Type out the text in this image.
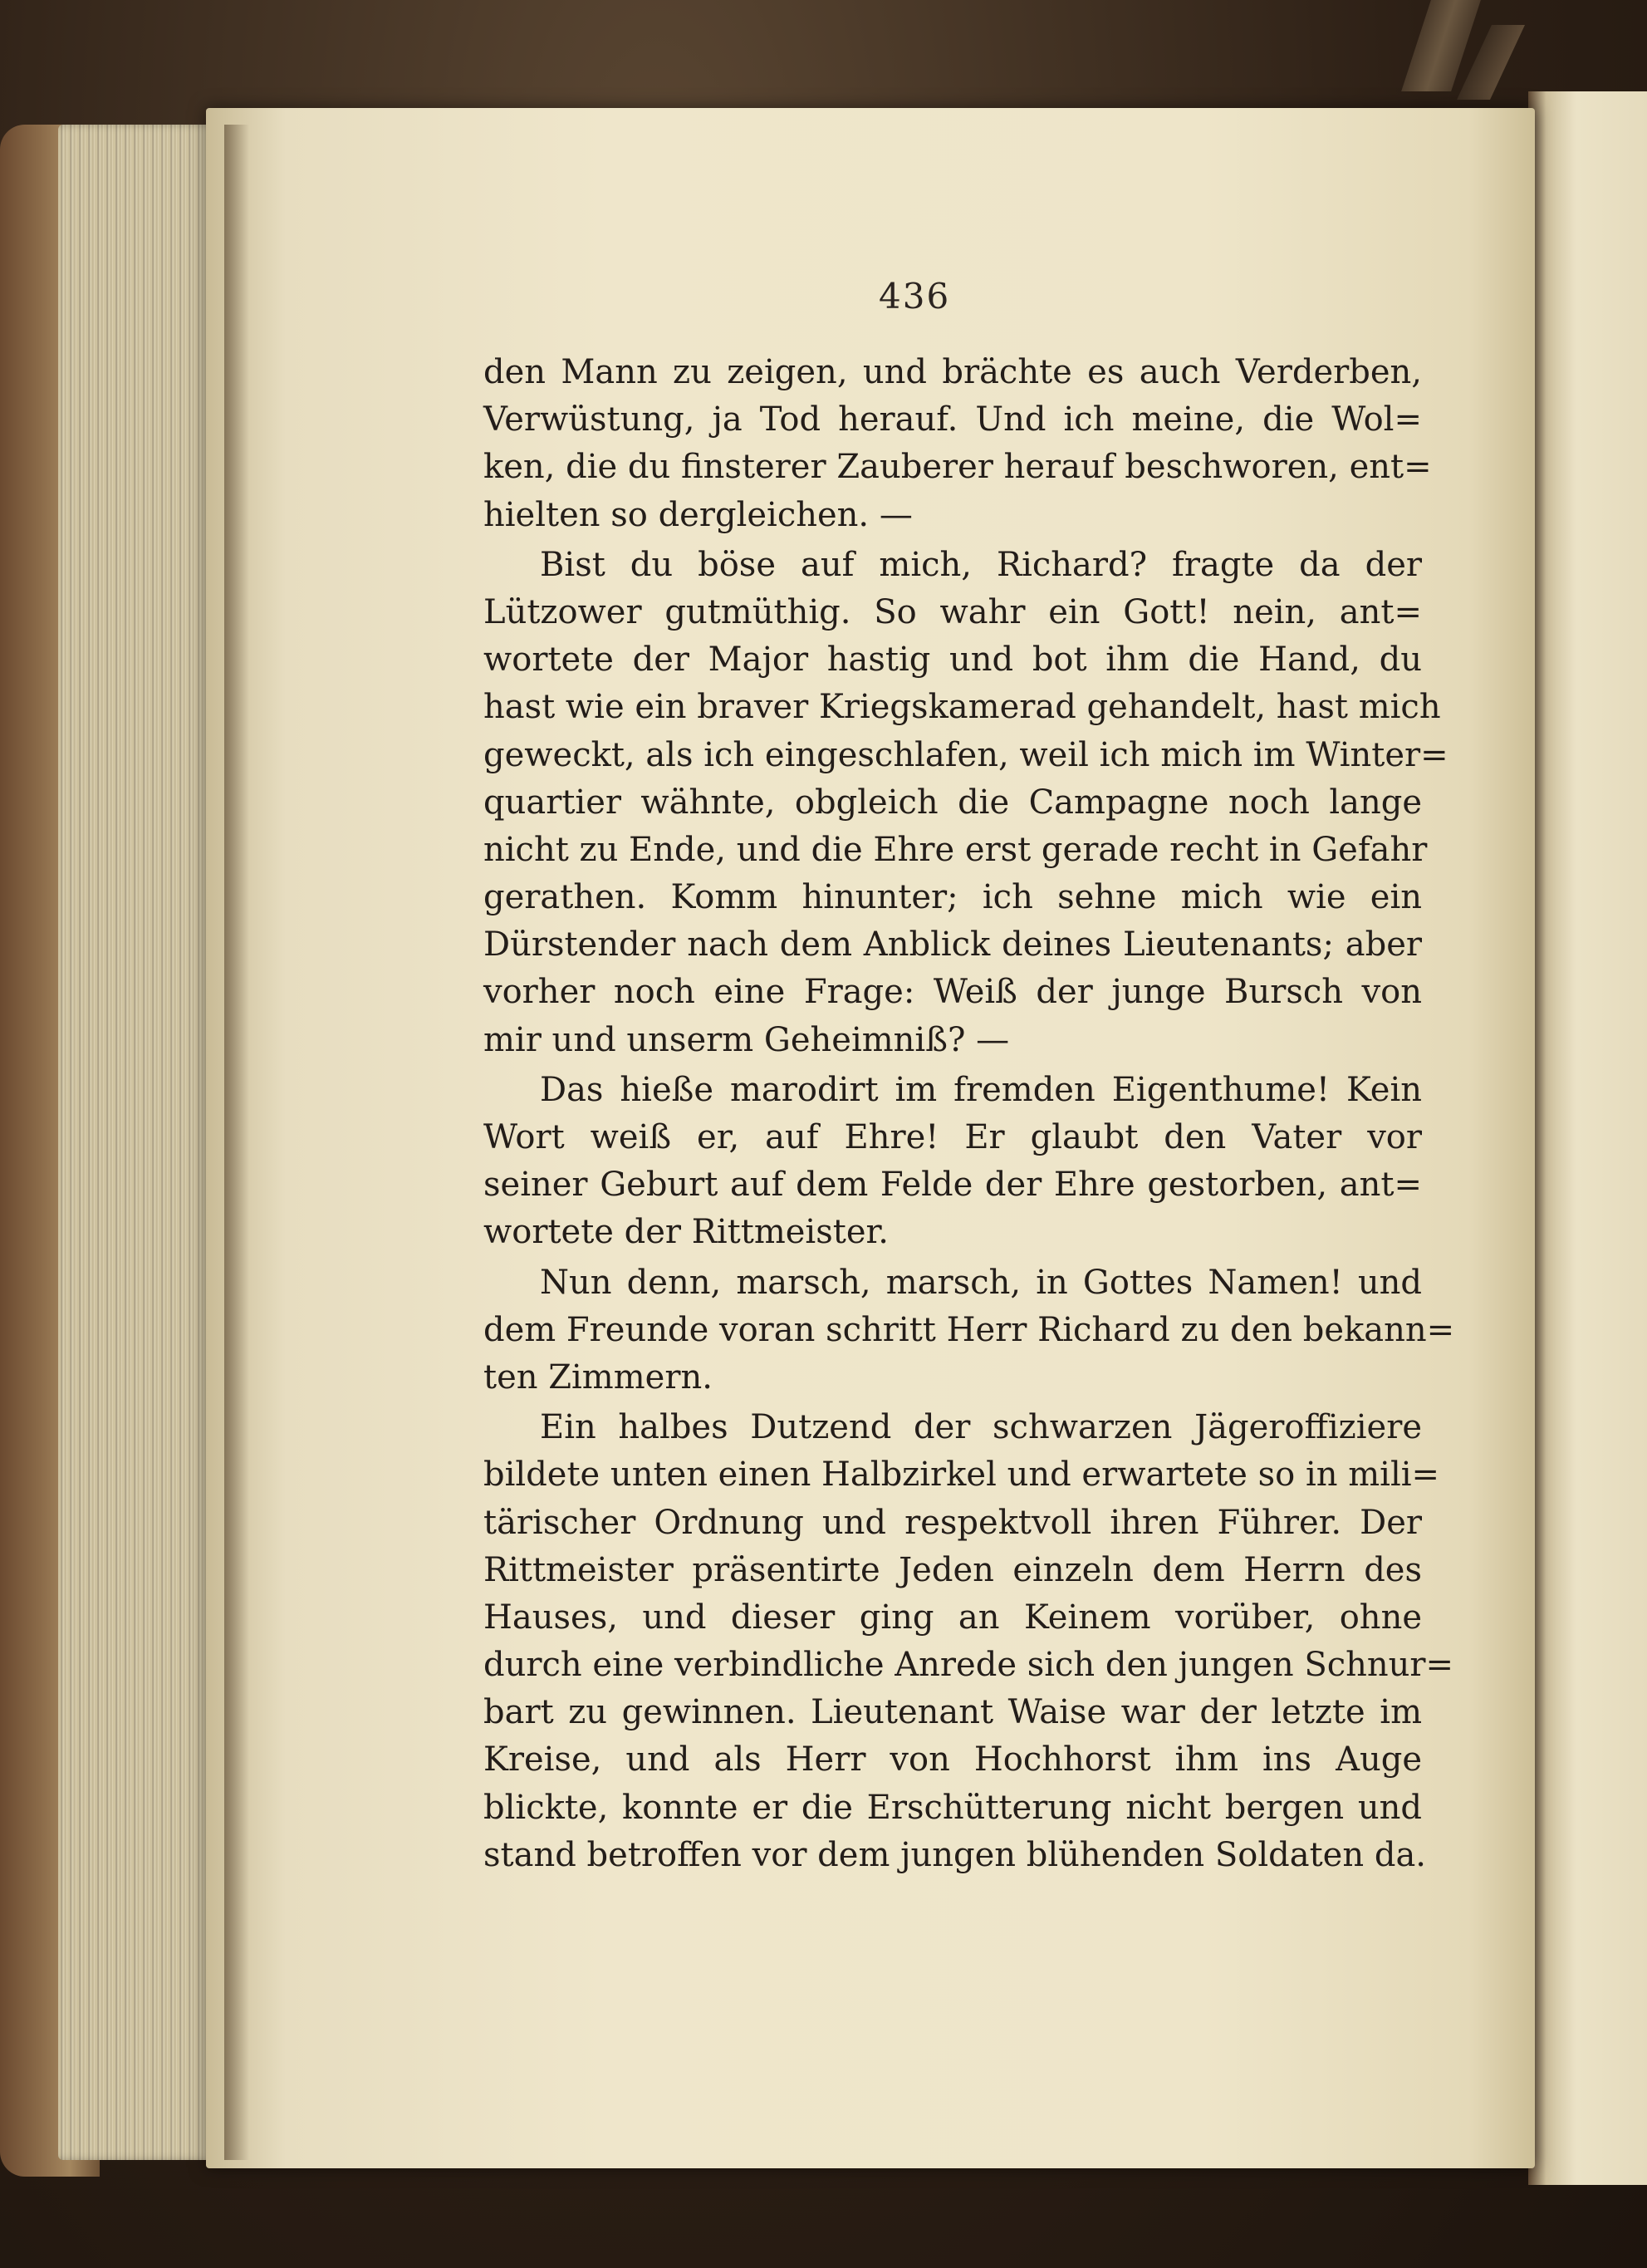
436
den Mann zu zeigen, und brächte es auch Verderben,
Verwüstung, ja Tod herauf. Und ich meine, die Wol=
ken, die du finsterer Zauberer herauf beschworen, ent=
hielten so dergleichen. —
Bist du böse auf mich, Richard? fragte da der
Lützower gutmüthig. So wahr ein Gott! nein, ant=
wortete der Major hastig und bot ihm die Hand, du
hast wie ein braver Kriegskamerad gehandelt, hast mich
geweckt, als ich eingeschlafen, weil ich mich im Winter=
quartier wähnte, obgleich die Campagne noch lange
nicht zu Ende, und die Ehre erst gerade recht in Gefahr
gerathen. Komm hinunter; ich sehne mich wie ein
Dürstender nach dem Anblick deines Lieutenants; aber
vorher noch eine Frage: Weiß der junge Bursch von
mir und unserm Geheimniß? —
Das hieße marodirt im fremden Eigenthume! Kein
Wort weiß er, auf Ehre! Er glaubt den Vater vor
seiner Geburt auf dem Felde der Ehre gestorben, ant=
wortete der Rittmeister.
Nun denn, marsch, marsch, in Gottes Namen! und
dem Freunde voran schritt Herr Richard zu den bekann=
ten Zimmern.
Ein halbes Dutzend der schwarzen Jägeroffiziere
bildete unten einen Halbzirkel und erwartete so in mili=
tärischer Ordnung und respektvoll ihren Führer. Der
Rittmeister präsentirte Jeden einzeln dem Herrn des
Hauses, und dieser ging an Keinem vorüber, ohne
durch eine verbindliche Anrede sich den jungen Schnur=
bart zu gewinnen. Lieutenant Waise war der letzte im
Kreise, und als Herr von Hochhorst ihm ins Auge
blickte, konnte er die Erschütterung nicht bergen und
stand betroffen vor dem jungen blühenden Soldaten da.
